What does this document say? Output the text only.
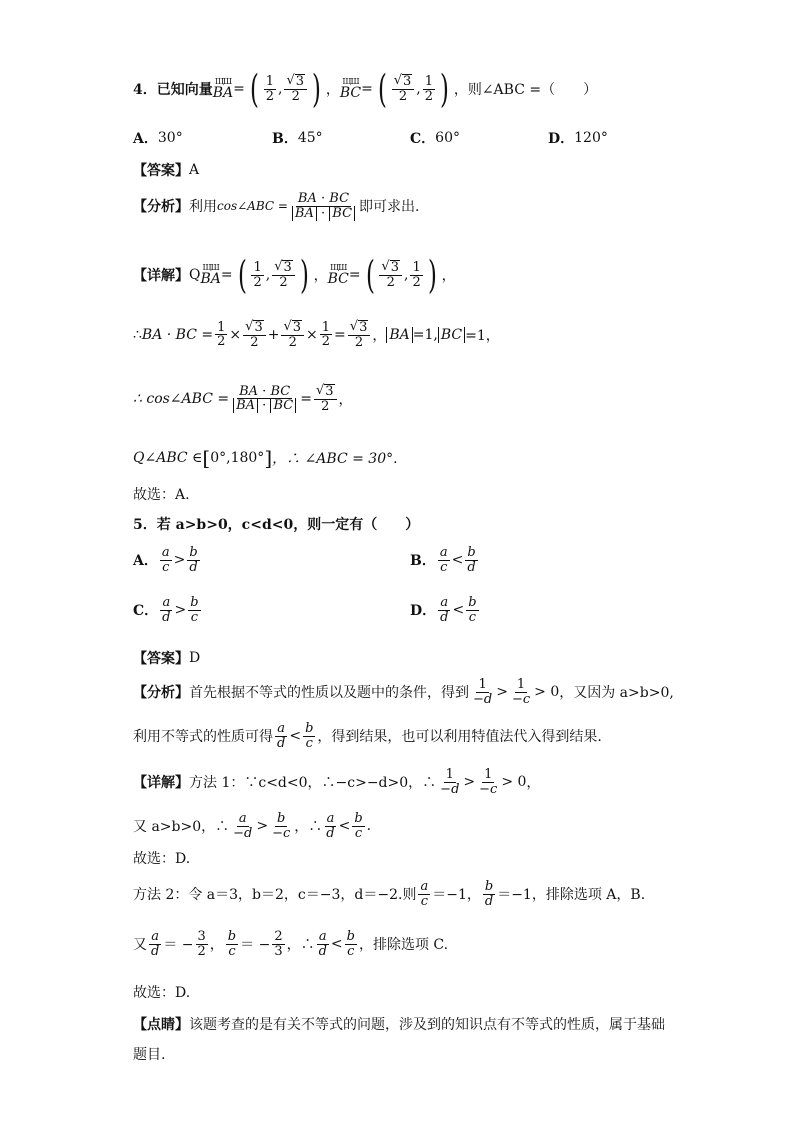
4． 已知向量
ЩШ
BA = ( $\frac{1}{2}$ , $\frac{√ 3}{2}$ ) ，
ЩШ
BC = ( $\frac{√ 3}{2}$ , $\frac{1}{2}$ ) ，则∠ABC =（　　）
A． 30°	B． 45°	C． 60°	D． 120°
【答案】 A
【分析】 利用 cos∠ABC = $\frac{BA \cdot BC}{BA \cdot BC}$ 即可求出.
【详解】 Q ЩШ
BA = ( $\frac{1}{2}$ , $\frac{√ 3}{2}$ ) ，
ЩШ
BC = ( $\frac{√ 3}{2}$ , $\frac{1}{2}$ ) ，
∴ BA · BC = $\frac{1}{2} \times \frac{√ 3}{2} + \frac{√ 3}{2} \times \frac{1}{2} = \frac{√ 3}{2}$ ， BA =1, BC =1，
∴ cos∠ABC = $\frac{BA \cdot BC}{BA \cdot BC} = \frac{√ 3}{2}$ ，
Q∠ABC ∈ [ 0°,180° ] ，∴ ∠ABC = 30°.
故选：A.
5． 若 a>b>0，c<d<0，则一定有（　　）
A． $\frac{a}{c} > \frac{b}{d}$	B． $\frac{a}{c} < \frac{b}{d}$
C． $\frac{a}{d} > \frac{b}{c}$	D． $\frac{a}{d} < \frac{b}{c}$
【答案】 D
【分析】 首先根据不等式的性质以及题中的条件，得到 $\frac{1}{-d} > \frac{1}{-c} > 0$ ，又因为 a>b>0,
利用不等式的性质可得 $\frac{a}{d} < \frac{b}{c}$ ，得到结果，也可以利用特值法代入得到结果.
【详解】 方法 1：∵c<d<0，∴−c>−d>0，∴ $\frac{1}{-d} > \frac{1}{-c} > 0$ ，
又 a>b>0，∴ $\frac{a}{-d} > \frac{b}{-c}$ ，∴ $\frac{a}{d} < \frac{b}{c}$ .
故选：D.
方法 2：令 a＝3，b＝2，c＝−3，d＝−2.则 $\frac{a}{c} =-1$， $\frac{b}{d} =-1$，排除选项 A，B.
又 $\frac{a}{d}$ ＝ − $\frac{3}{2}$ ， $\frac{b}{c}$ ＝ − $\frac{2}{3}$ ，∴ $\frac{a}{d} < \frac{b}{c}$ ，排除选项 C.
故选：D.
【点睛】 该题考查的是有关不等式的问题，涉及到的知识点有不等式的性质，属于基础
题目.
